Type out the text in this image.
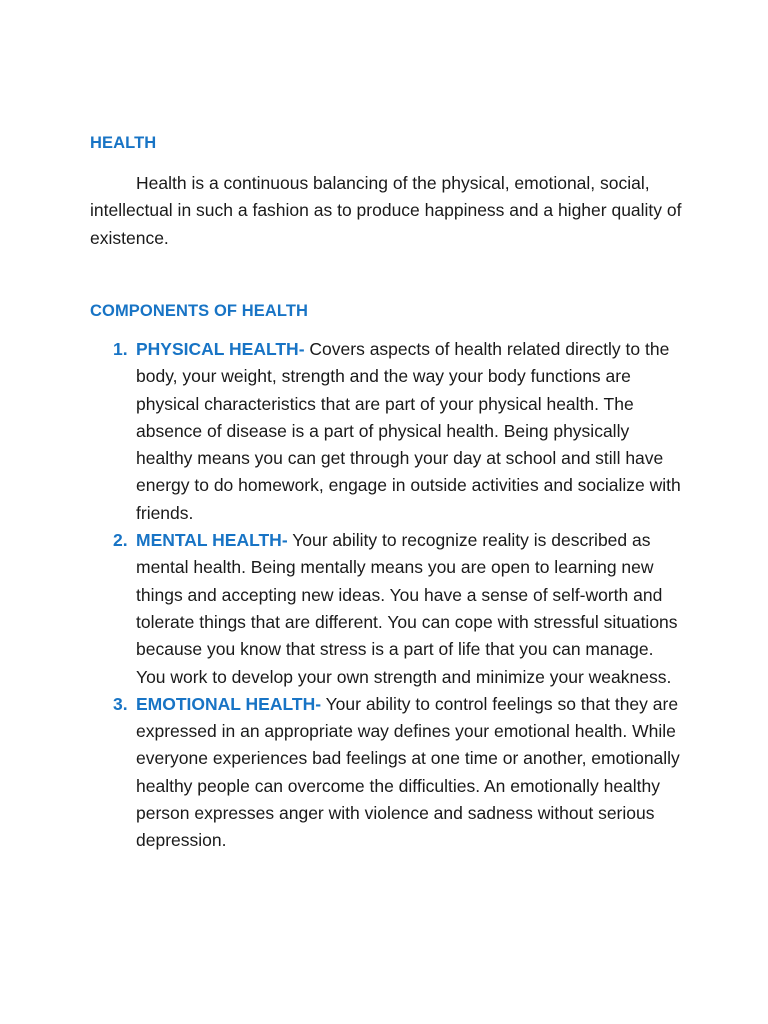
HEALTH

Health is a continuous balancing of the physical, emotional, social, intellectual in such a fashion as to produce happiness and a higher quality of existence.

COMPONENTS OF HEALTH
1. PHYSICAL HEALTH- Covers aspects of health related directly to the body, your weight, strength and the way your body functions are physical characteristics that are part of your physical health. The absence of disease is a part of physical health. Being physically healthy means you can get through your day at school and still have energy to do homework, engage in outside activities and socialize with friends.
2. MENTAL HEALTH- Your ability to recognize reality is described as mental health. Being mentally means you are open to learning new things and accepting new ideas. You have a sense of self-worth and tolerate things that are different. You can cope with stressful situations because you know that stress is a part of life that you can manage. You work to develop your own strength and minimize your weakness.
3. EMOTIONAL HEALTH- Your ability to control feelings so that they are expressed in an appropriate way defines your emotional health. While everyone experiences bad feelings at one time or another, emotionally healthy people can overcome the difficulties. An emotionally healthy person expresses anger with violence and sadness without serious depression.
